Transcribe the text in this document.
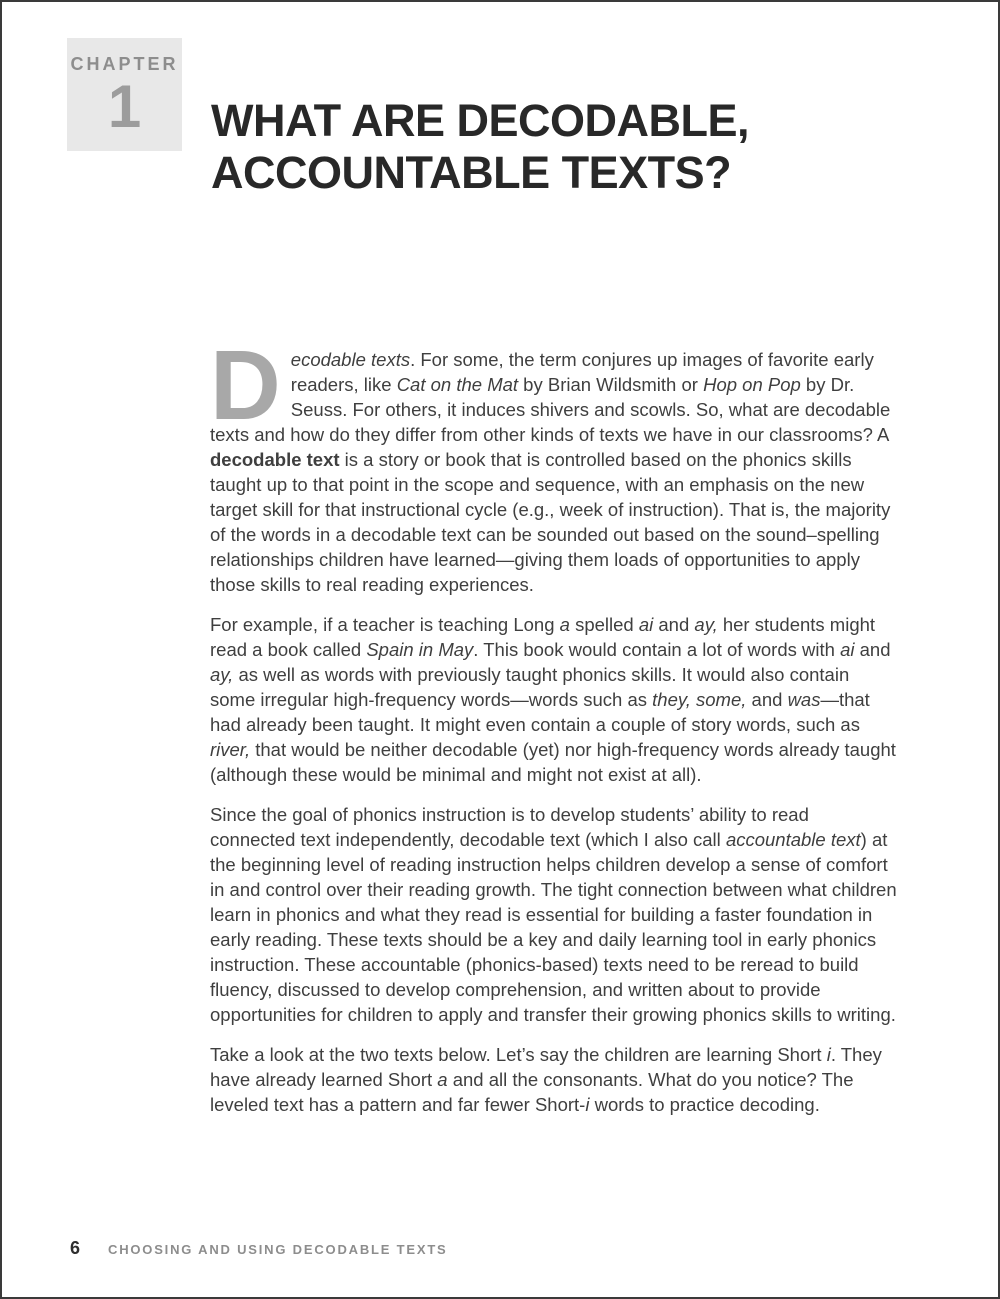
CHAPTER
1	WHAT ARE DECODABLE,
ACCOUNTABLE TEXTS?

Decodable texts. For some, the term conjures up images of favorite early readers, like Cat on the Mat by Brian Wildsmith or Hop on Pop by Dr. Seuss. For others, it induces shivers and scowls. So, what are decodable texts and how do they differ from other kinds of texts we have in our classrooms? A decodable text is a story or book that is controlled based on the phonics skills taught up to that point in the scope and sequence, with an emphasis on the new target skill for that instructional cycle (e.g., week of instruction). That is, the majority of the words in a decodable text can be sounded out based on the sound–spelling relationships children have learned—giving them loads of opportunities to apply those skills to real reading experiences.

For example, if a teacher is teaching Long a spelled ai and ay, her students might read a book called Spain in May. This book would contain a lot of words with ai and ay, as well as words with previously taught phonics skills. It would also contain some irregular high-frequency words—words such as they, some, and was—that had already been taught. It might even contain a couple of story words, such as river, that would be neither decodable (yet) nor high-frequency words already taught (although these would be minimal and might not exist at all).

Since the goal of phonics instruction is to develop students’ ability to read connected text independently, decodable text (which I also call accountable text) at the beginning level of reading instruction helps children develop a sense of comfort in and control over their reading growth. The tight connection between what children learn in phonics and what they read is essential for building a faster foundation in early reading. These texts should be a key and daily learning tool in early phonics instruction. These accountable (phonics-based) texts need to be reread to build fluency, discussed to develop comprehension, and written about to provide opportunities for children to apply and transfer their growing phonics skills to writing.

Take a look at the two texts below. Let’s say the children are learning Short i. They have already learned Short a and all the consonants. What do you notice? The leveled text has a pattern and far fewer Short-i words to practice decoding.

6 CHOOSING AND USING DECODABLE TEXTS
